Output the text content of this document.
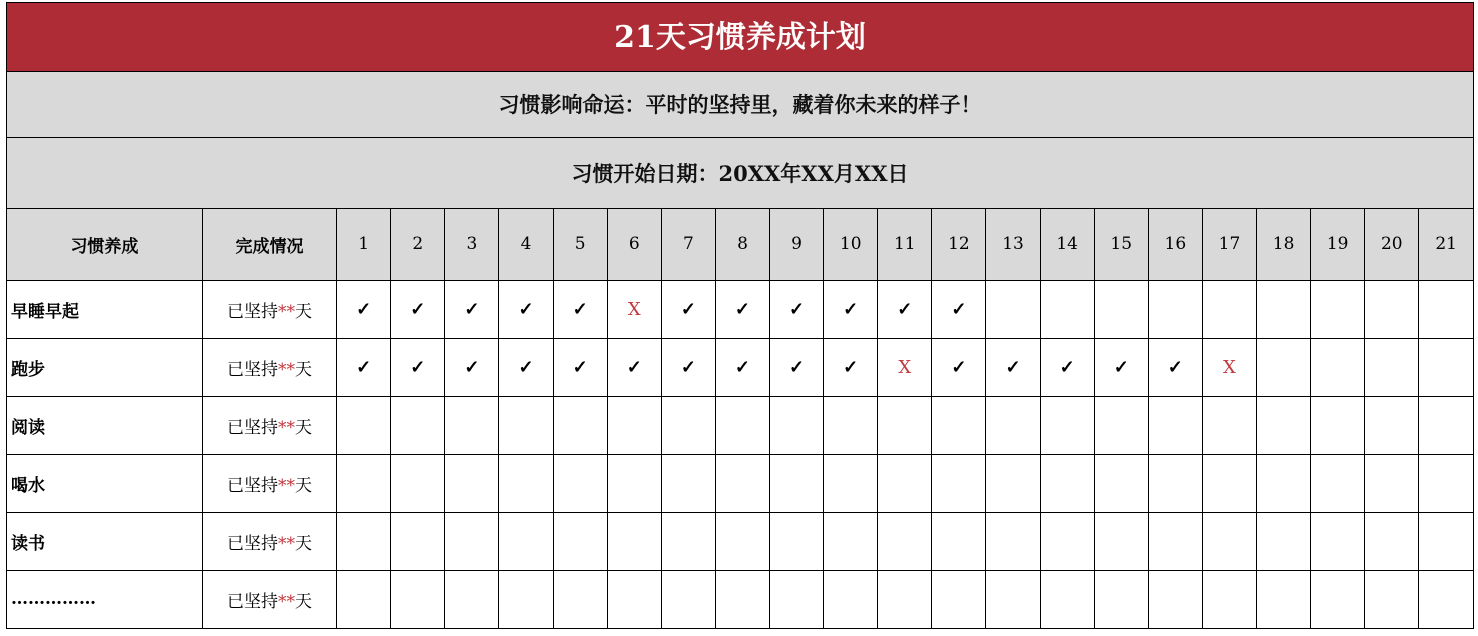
21天习惯养成计划
习惯影响命运：平时的坚持里，藏着你未来的样子！
习惯开始日期：20XX年XX月XX日
习惯养成	完成情况	1	2	3	4	5	6	7	8	9	10	11	12	13	14	15	16	17	18	19	20	21
早睡早起	已坚持**天	✓	✓	✓	✓	✓	X	✓	✓	✓	✓	✓	✓									
跑步	已坚持**天	✓	✓	✓	✓	✓	✓	✓	✓	✓	✓	X	✓	✓	✓	✓	✓	X				
阅读	已坚持**天																					
喝水	已坚持**天																					
读书	已坚持**天																					
……………	已坚持**天																					
